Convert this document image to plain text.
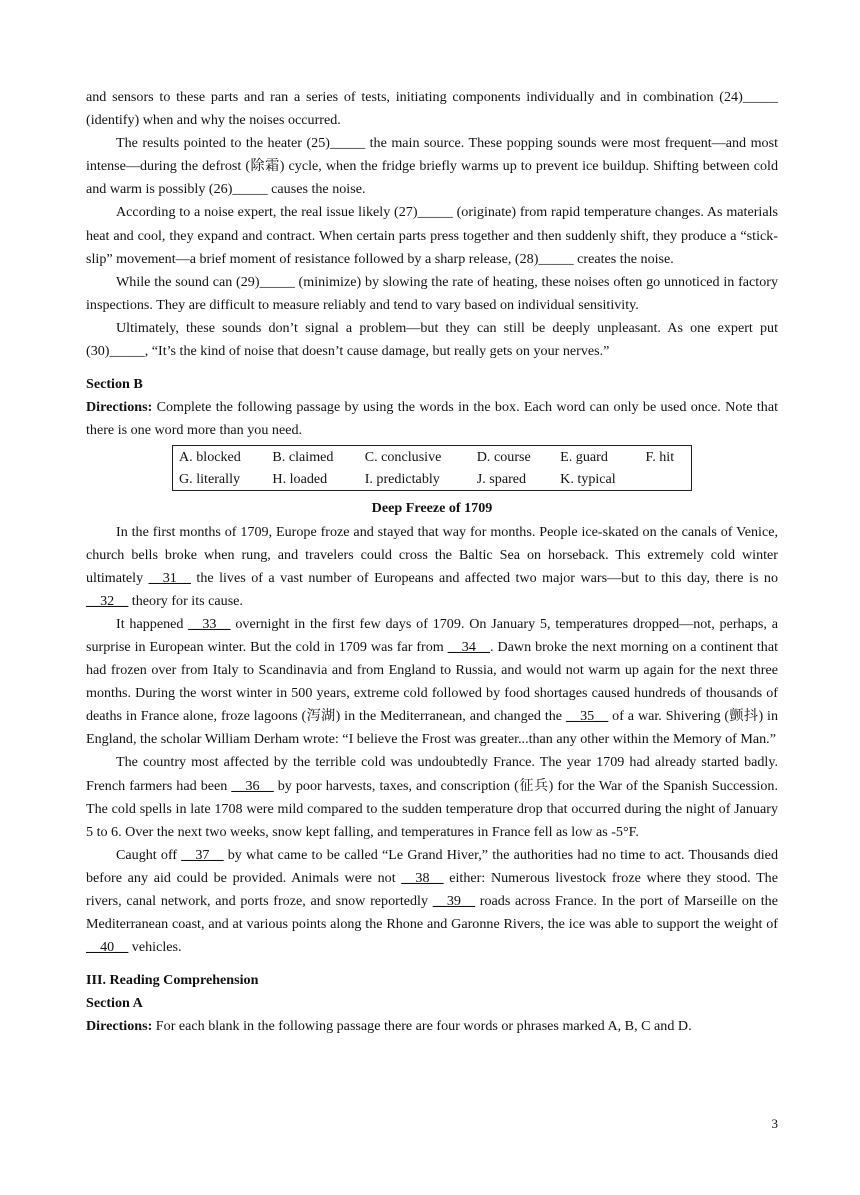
and sensors to these parts and ran a series of tests, initiating components individually and in combination (24)_____ (identify) when and why the noises occurred.

The results pointed to the heater (25)_____ the main source. These popping sounds were most frequent—and most intense—during the defrost (除霜) cycle, when the fridge briefly warms up to prevent ice buildup. Shifting between cold and warm is possibly (26)_____ causes the noise.

According to a noise expert, the real issue likely (27)_____ (originate) from rapid temperature changes. As materials heat and cool, they expand and contract. When certain parts press together and then suddenly shift, they produce a “stick-slip” movement—a brief moment of resistance followed by a sharp release, (28)_____ creates the noise.

While the sound can (29)_____ (minimize) by slowing the rate of heating, these noises often go unnoticed in factory inspections. They are difficult to measure reliably and tend to vary based on individual sensitivity.

Ultimately, these sounds don’t signal a problem—but they can still be deeply unpleasant. As one expert put (30)_____, “It’s the kind of noise that doesn’t cause damage, but really gets on your nerves.”

Section B

Directions: Complete the following passage by using the words in the box. Each word can only be used once. Note that there is one word more than you need.

A. blocked	B. claimed	C. conclusive	D. course	E. guard	F. hit
G. literally	H. loaded	I. predictably	J. spared	K. typical	

Deep Freeze of 1709

In the first months of 1709, Europe froze and stayed that way for months. People ice-skated on the canals of Venice, church bells broke when rung, and travelers could cross the Baltic Sea on horseback. This extremely cold winter ultimately __31__ the lives of a vast number of Europeans and affected two major wars—but to this day, there is no __32__ theory for its cause.

It happened __33__ overnight in the first few days of 1709. On January 5, temperatures dropped—not, perhaps, a surprise in European winter. But the cold in 1709 was far from __34__. Dawn broke the next morning on a continent that had frozen over from Italy to Scandinavia and from England to Russia, and would not warm up again for the next three months. During the worst winter in 500 years, extreme cold followed by food shortages caused hundreds of thousands of deaths in France alone, froze lagoons (泻湖) in the Mediterranean, and changed the __35__ of a war. Shivering (颤抖) in England, the scholar William Derham wrote: “I believe the Frost was greater...than any other within the Memory of Man.”

The country most affected by the terrible cold was undoubtedly France. The year 1709 had already started badly. French farmers had been __36__ by poor harvests, taxes, and conscription (征兵) for the War of the Spanish Succession. The cold spells in late 1708 were mild compared to the sudden temperature drop that occurred during the night of January 5 to 6. Over the next two weeks, snow kept falling, and temperatures in France fell as low as -5°F.

Caught off __37__ by what came to be called “Le Grand Hiver,” the authorities had no time to act. Thousands died before any aid could be provided. Animals were not __38__ either: Numerous livestock froze where they stood. The rivers, canal network, and ports froze, and snow reportedly __39__ roads across France. In the port of Marseille on the Mediterranean coast, and at various points along the Rhone and Garonne Rivers, the ice was able to support the weight of __40__ vehicles.

III. Reading Comprehension

Section A

Directions: For each blank in the following passage there are four words or phrases marked A, B, C and D.

3
